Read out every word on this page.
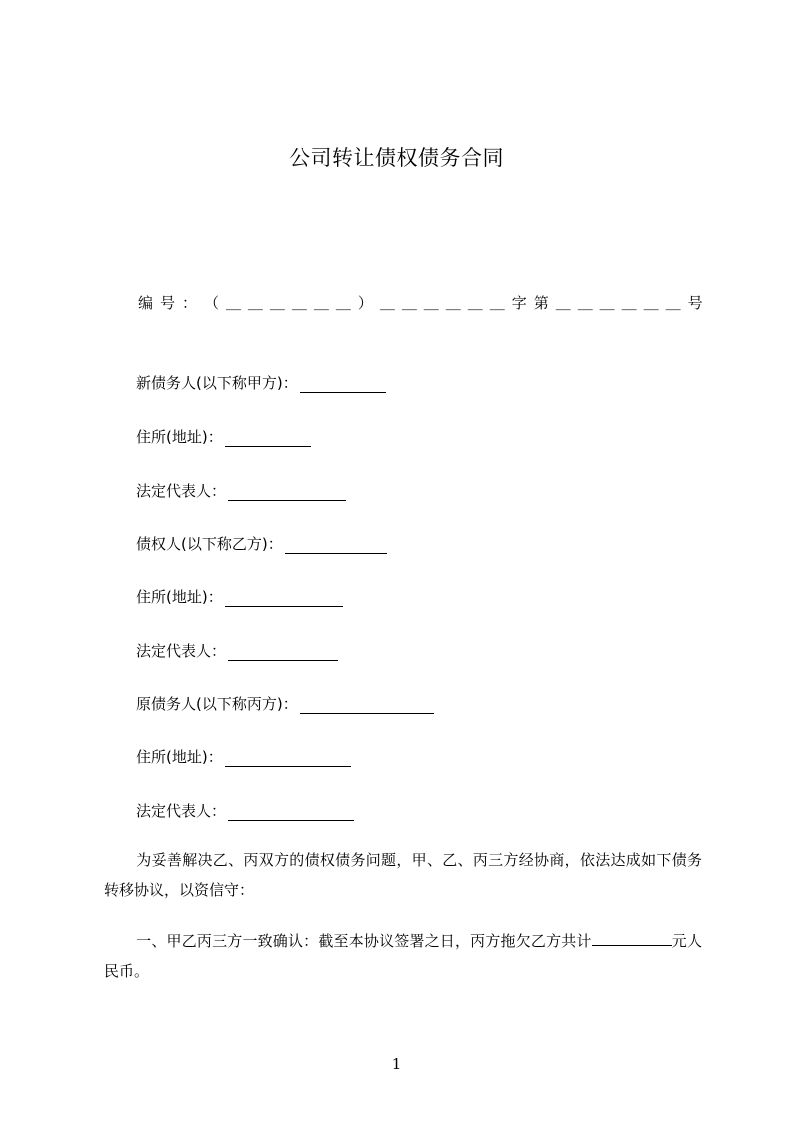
公司转让债权债务合同
编 号 ： （ ＿ ＿ ＿ ＿ ＿ ＿ ） ＿ ＿ ＿ ＿ ＿ ＿ 字 第 ＿ ＿ ＿ ＿ ＿ ＿ 号
新债务人(以下称甲方)：
住所(地址)：
法定代表人：
债权人(以下称乙方)：
住所(地址)：
法定代表人：
原债务人(以下称丙方)：
住所(地址)：
法定代表人：
为妥善解决乙、丙双方的债权债务问题，甲、乙、丙三方经协商，依法达成如下债务转移协议，以资信守：
一、甲乙丙三方一致确认：截至本协议签署之日，丙方拖欠乙方共计	元人民币。
1
